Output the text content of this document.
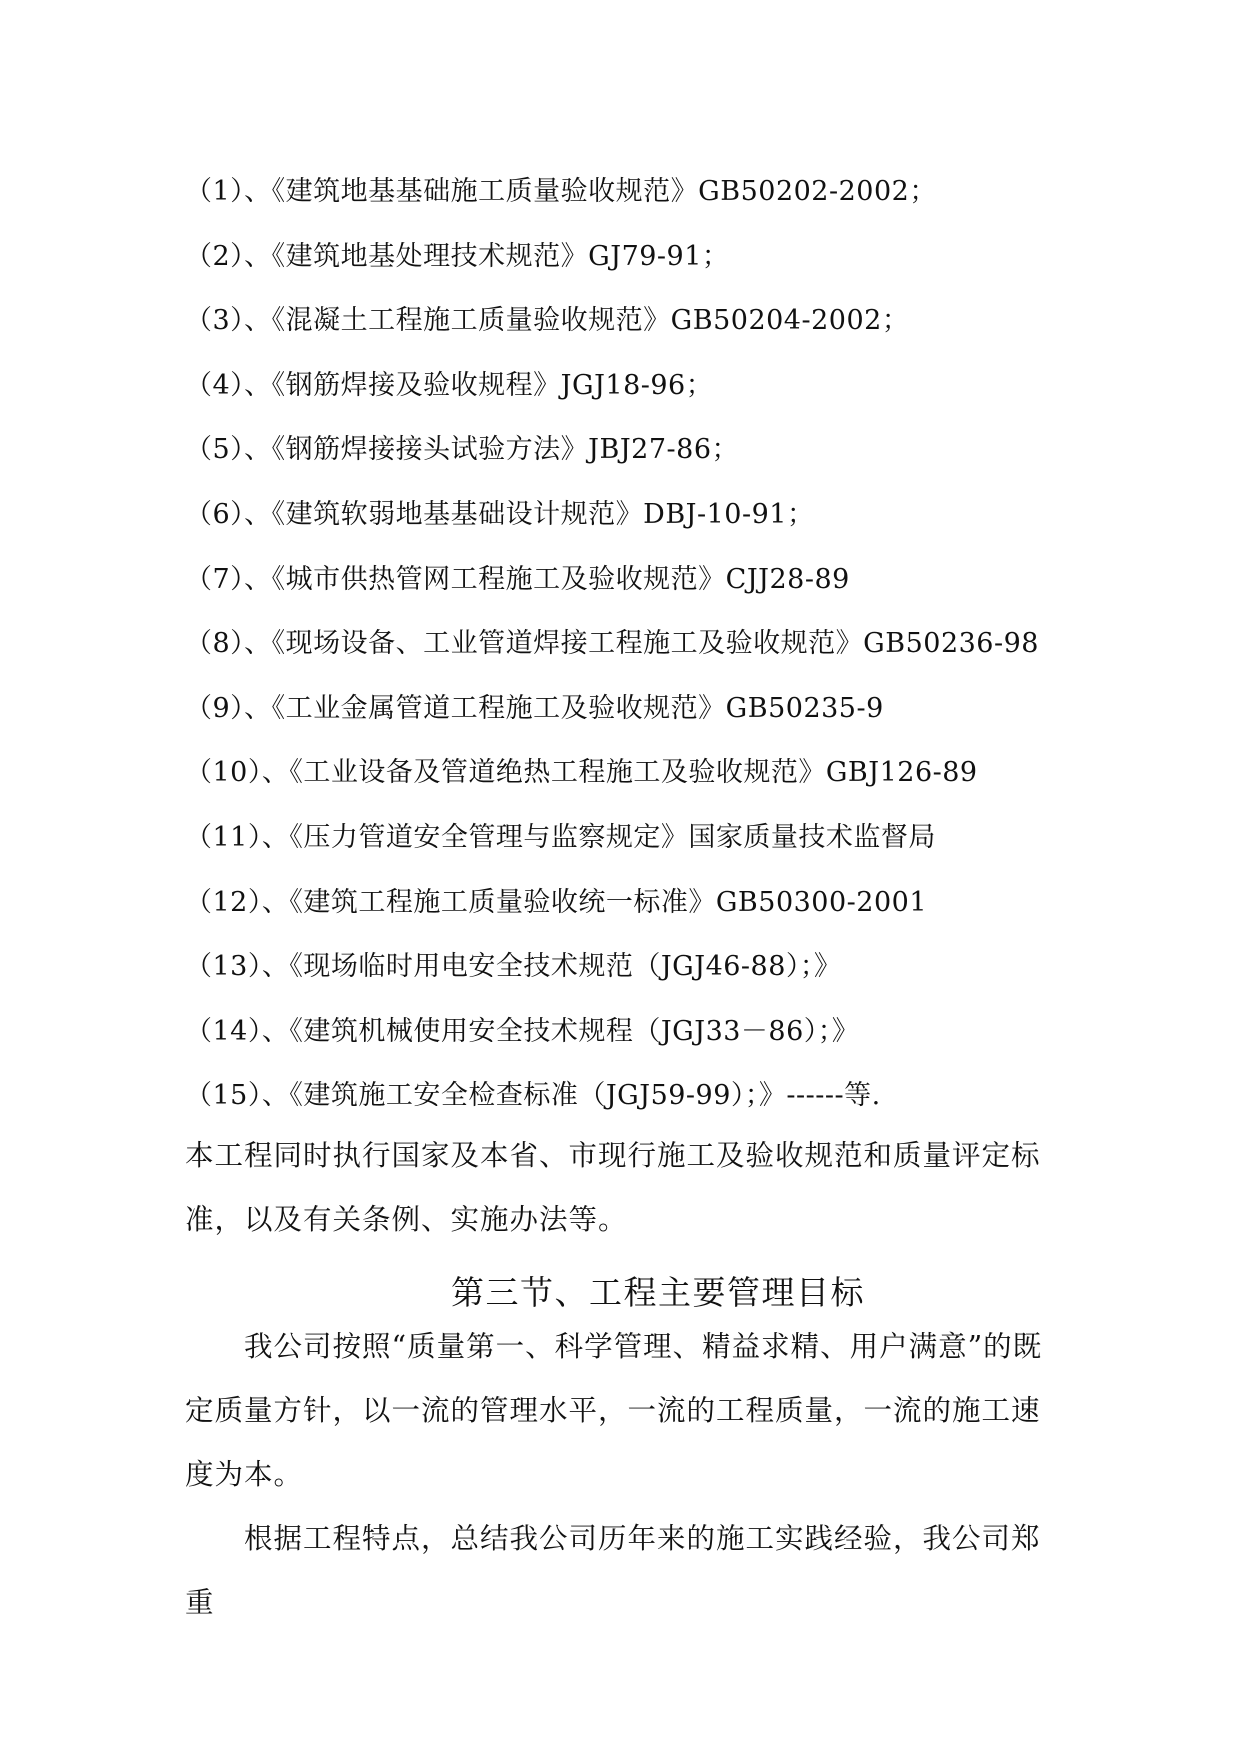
（1）、《建筑地基基础施工质量验收规范》GB50202-2002；
（2）、《建筑地基处理技术规范》GJ79-91；
（3）、《混凝土工程施工质量验收规范》GB50204-2002；
（4）、《钢筋焊接及验收规程》JGJ18-96；
（5）、《钢筋焊接接头试验方法》JBJ27-86；
（6）、《建筑软弱地基基础设计规范》DBJ-10-91；
（7）、《城市供热管网工程施工及验收规范》CJJ28-89
（8）、《现场设备、工业管道焊接工程施工及验收规范》GB50236-98
（9）、《工业金属管道工程施工及验收规范》GB50235-9
（10）、《工业设备及管道绝热工程施工及验收规范》GBJ126-89
（11）、《压力管道安全管理与监察规定》国家质量技术监督局
（12）、《建筑工程施工质量验收统一标准》GB50300-2001
（13）、《现场临时用电安全技术规范（JGJ46-88）；》
（14）、《建筑机械使用安全技术规程（JGJ33－86）；》
（15）、《建筑施工安全检查标准（JGJ59-99）；》------等.

本工程同时执行国家及本省、市现行施工及验收规范和质量评定标准，以及有关条例、实施办法等。

第三节、工程主要管理目标

我公司按照“质量第一、科学管理、精益求精、用户满意”的既定质量方针，以一流的管理水平，一流的工程质量，一流的施工速度为本。

根据工程特点，总结我公司历年来的施工实践经验，我公司郑重
